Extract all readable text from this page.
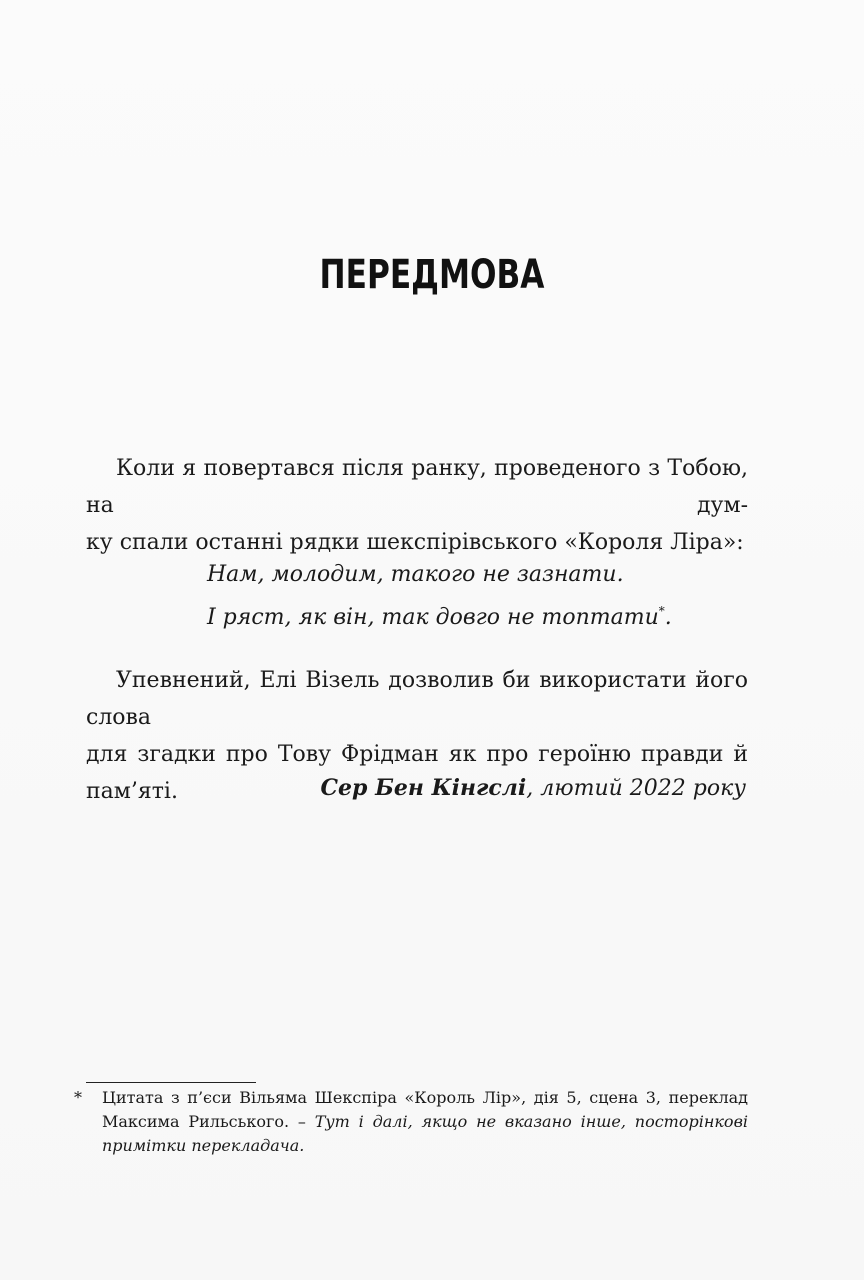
ПЕРЕДМОВА

Коли я повертався після ранку, проведеного з Тобою, на дум-
ку спали останні рядки шекспірівського «Короля Ліра»:

Нам, молодим, такого не зазнати.
І ряст, як він, так довго не топтати*.

Упевнений, Елі Візель дозволив би використати його слова
для згадки про Тову Фрідман як про героїню правди й пам’яті.	Сер Бен Кінгслі, лютий 2022 року
*	Цитата з п’єси Вільяма Шекспіра «Король Лір», дія 5, сцена 3, переклад
Максима Рильського. – Тут і далі, якщо не вказано інше, посторінкові
примітки перекладача.
